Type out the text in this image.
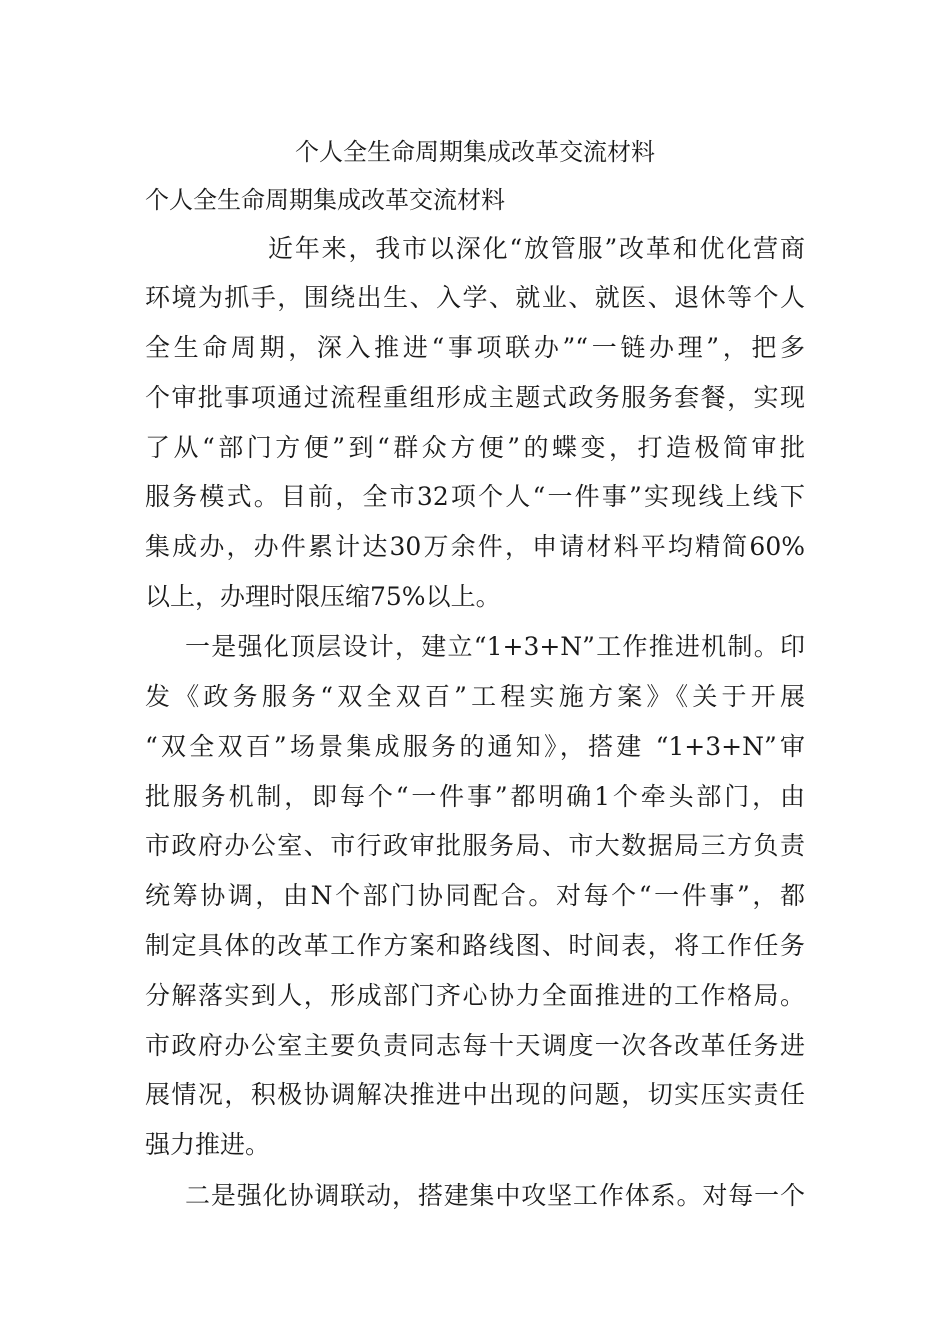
个人全生命周期集成改革交流材料
个人全生命周期集成改革交流材料
近年来，我市以深化“放管服”改革和优化营商
环境为抓手，围绕出生、入学、就业、就医、退休等个人
全生命周期，深入推进“事项联办”“一链办理”，把多
个审批事项通过流程重组形成主题式政务服务套餐，实现
了从“部门方便”到“群众方便”的蝶变，打造极简审批
服务模式。目前，全市32项个人“一件事”实现线上线下
集成办，办件累计达30万余件，申请材料平均精简60%
以上，办理时限压缩75%以上。
一是强化顶层设计，建立“1+3+N”工作推进机制。印
发《政务服务“双全双百”工程实施方案》《关于开展
“双全双百”场景集成服务的通知》，搭建 “1+3+N”审
批服务机制，即每个“一件事”都明确1个牵头部门，由
市政府办公室、市行政审批服务局、市大数据局三方负责
统筹协调，由N个部门协同配合。对每个“一件事”，都
制定具体的改革工作方案和路线图、时间表，将工作任务
分解落实到人，形成部门齐心协力全面推进的工作格局。
市政府办公室主要负责同志每十天调度一次各改革任务进
展情况，积极协调解决推进中出现的问题，切实压实责任
强力推进。
二是强化协调联动，搭建集中攻坚工作体系。对每一个
